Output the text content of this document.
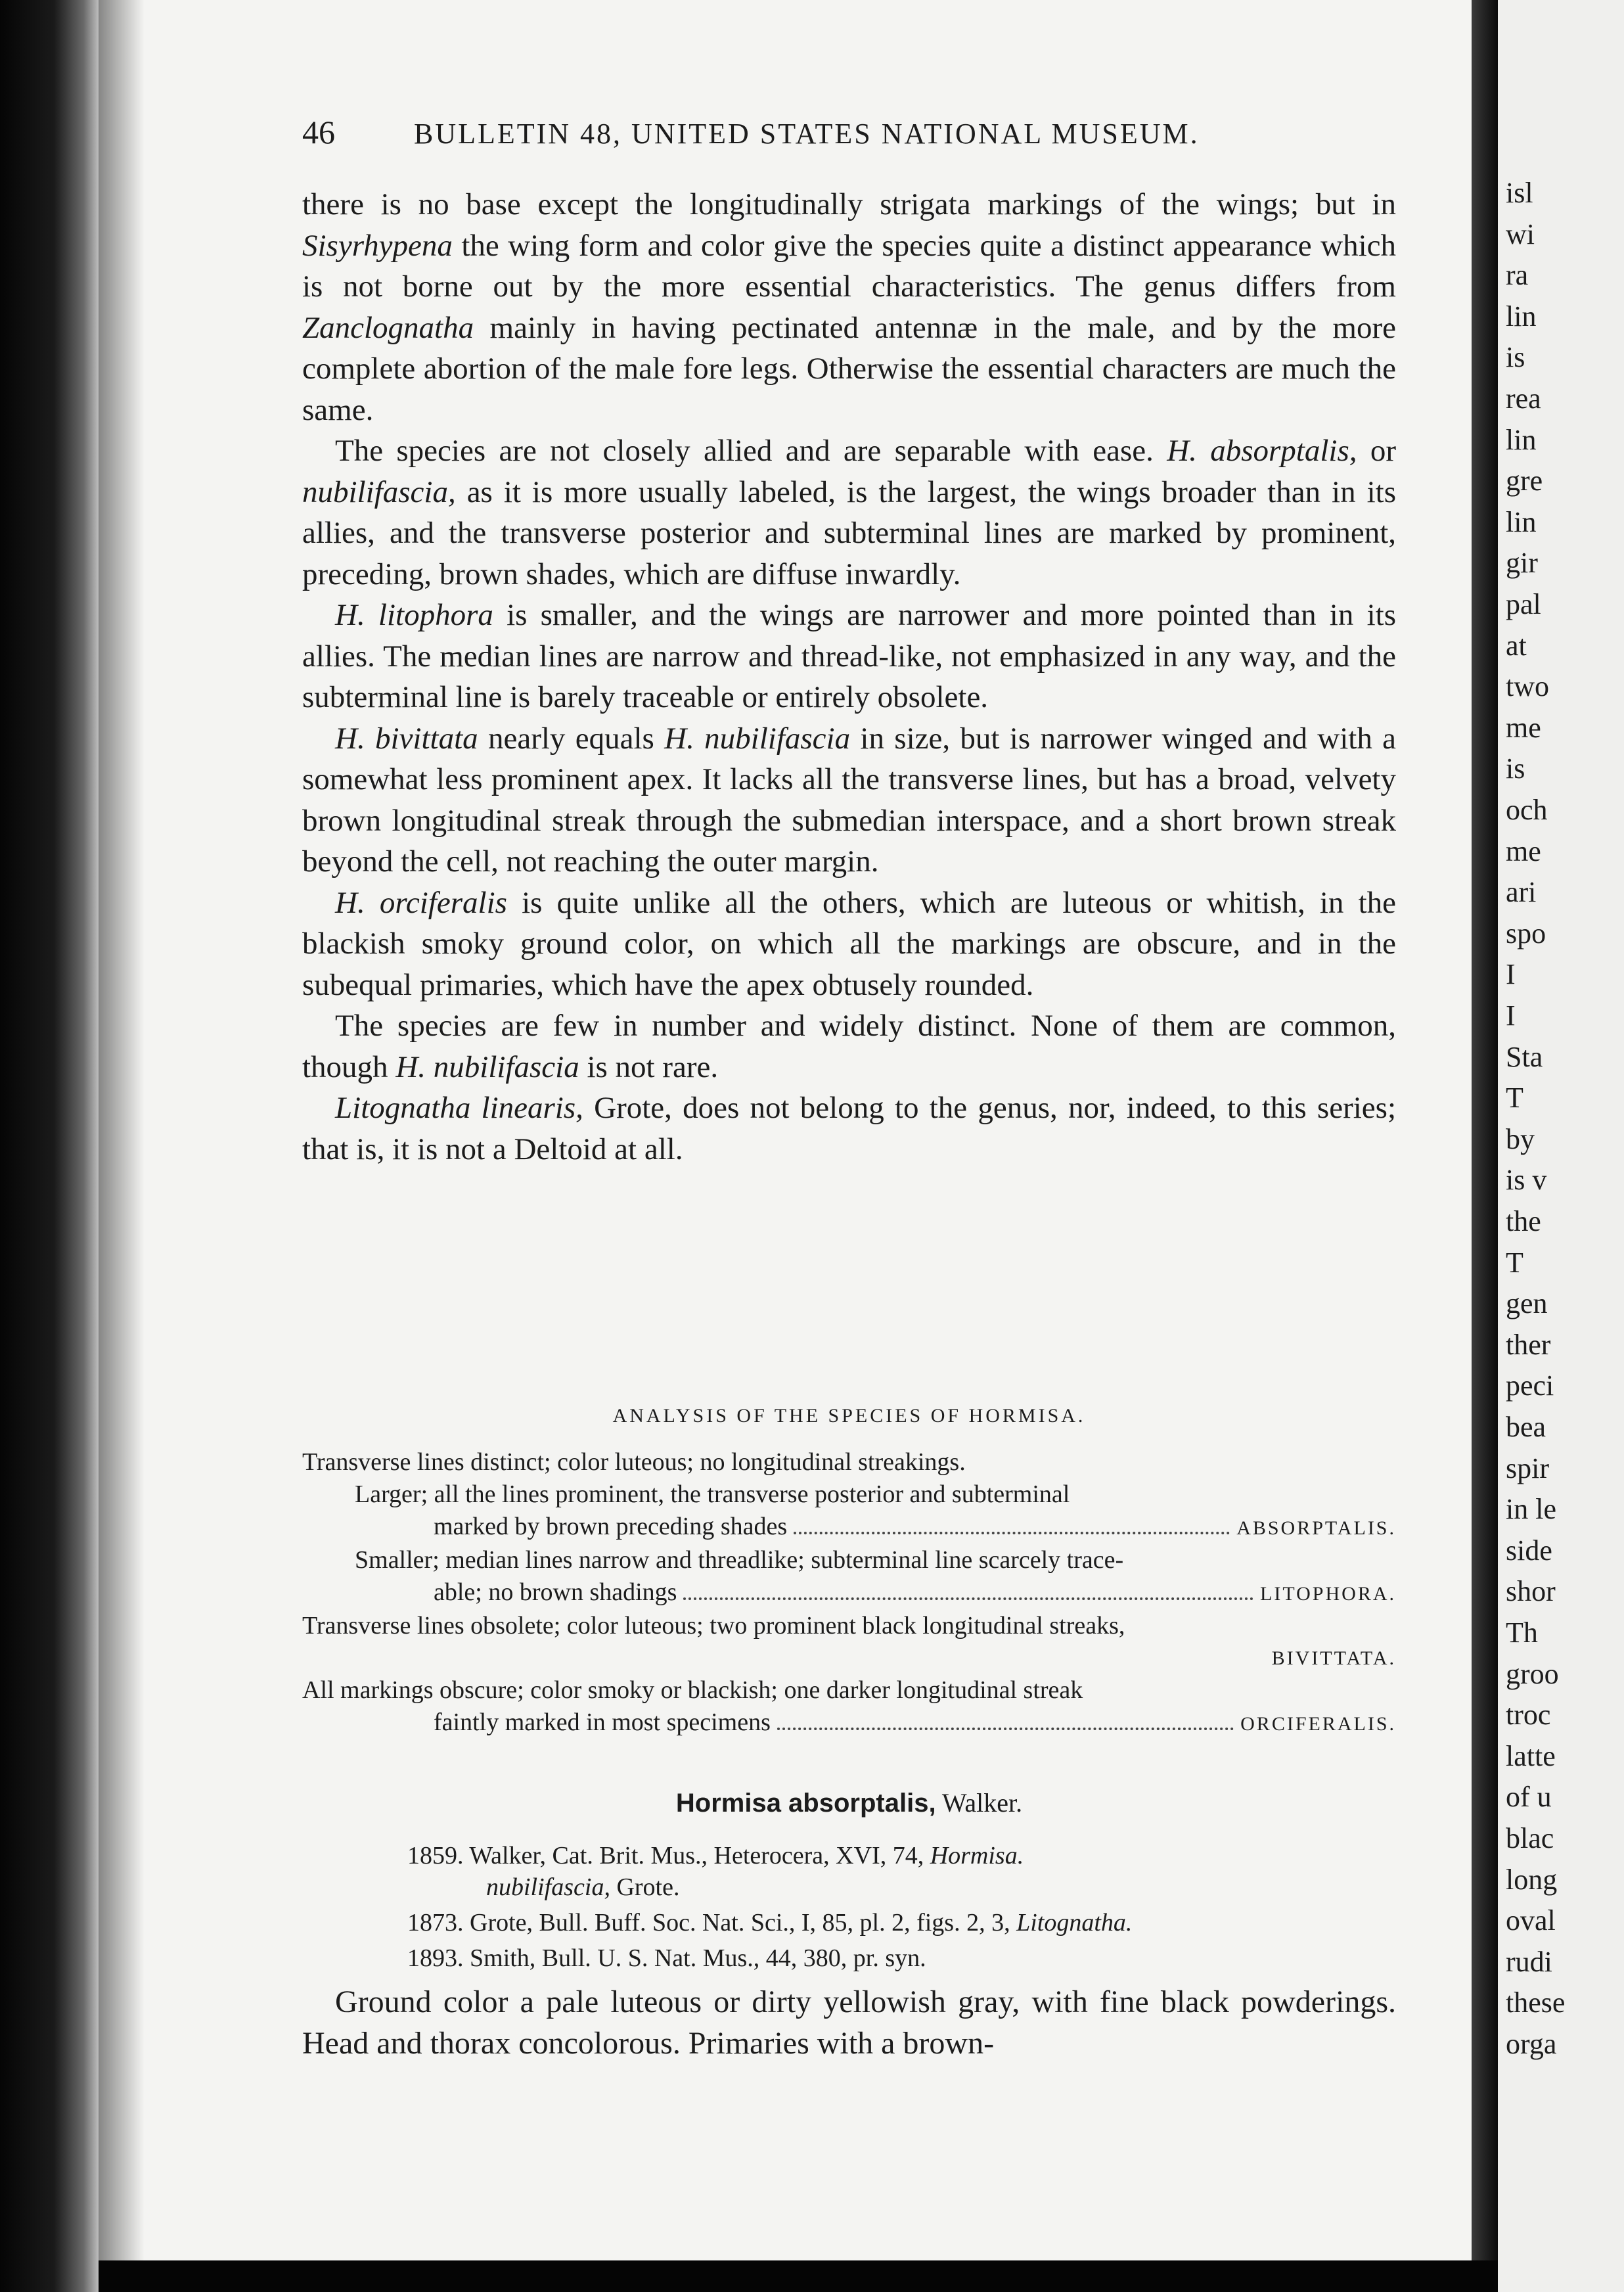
isl
wi
ra
lin
is
rea
lin
gre
lin
gir
pal
at
two
me
is
och
me
ari
spo
I
I
Sta
T
by
is v
the
T
gen
ther
peci
bea
spir
in le
side
shor
Th
groo
troc
latte
of u
blac
long
oval
rudi
these
orga
46	BULLETIN 48, UNITED STATES NATIONAL MUSEUM.

there is no base except the longitudinally strigata markings of the wings; but in Sisyrhypena the wing form and color give the species quite a distinct appearance which is not borne out by the more essential characteristics. The genus differs from Zanclognatha mainly in having pectinated antennæ in the male, and by the more complete abortion of the male fore legs. Otherwise the essential characters are much the same.

The species are not closely allied and are separable with ease. H. absorptalis, or nubilifascia, as it is more usually labeled, is the largest, the wings broader than in its allies, and the transverse posterior and subterminal lines are marked by prominent, preceding, brown shades, which are diffuse inwardly.

H. litophora is smaller, and the wings are narrower and more pointed than in its allies. The median lines are narrow and thread-like, not emphasized in any way, and the subterminal line is barely traceable or entirely obsolete.

H. bivittata nearly equals H. nubilifascia in size, but is narrower winged and with a somewhat less prominent apex. It lacks all the transverse lines, but has a broad, velvety brown longitudinal streak through the submedian interspace, and a short brown streak beyond the cell, not reaching the outer margin.

H. orciferalis is quite unlike all the others, which are luteous or whitish, in the blackish smoky ground color, on which all the markings are obscure, and in the subequal primaries, which have the apex obtusely rounded.

The species are few in number and widely distinct. None of them are common, though H. nubilifascia is not rare.

Litognatha linearis, Grote, does not belong to the genus, nor, indeed, to this series; that is, it is not a Deltoid at all.

ANALYSIS OF THE SPECIES OF HORMISA.
Transverse lines distinct; color luteous; no longitudinal streakings.
Larger; all the lines prominent, the transverse posterior and subterminal
marked by brown preceding shades	ABSORPTALIS.
Smaller; median lines narrow and threadlike; subterminal line scarcely trace-
able; no brown shadings	LITOPHORA.
Transverse lines obsolete; color luteous; two prominent black longitudinal streaks,
BIVITTATA.
All markings obscure; color smoky or blackish; one darker longitudinal streak
faintly marked in most specimens	ORCIFERALIS.
Hormisa absorptalis, Walker.
1859. Walker, Cat. Brit. Mus., Heterocera, XVI, 74, Hormisa.
nubilifascia, Grote.
1873. Grote, Bull. Buff. Soc. Nat. Sci., I, 85, pl. 2, figs. 2, 3, Litognatha.
1893. Smith, Bull. U. S. Nat. Mus., 44, 380, pr. syn.

Ground color a pale luteous or dirty yellowish gray, with fine black powderings. Head and thorax concolorous. Primaries with a brown-
